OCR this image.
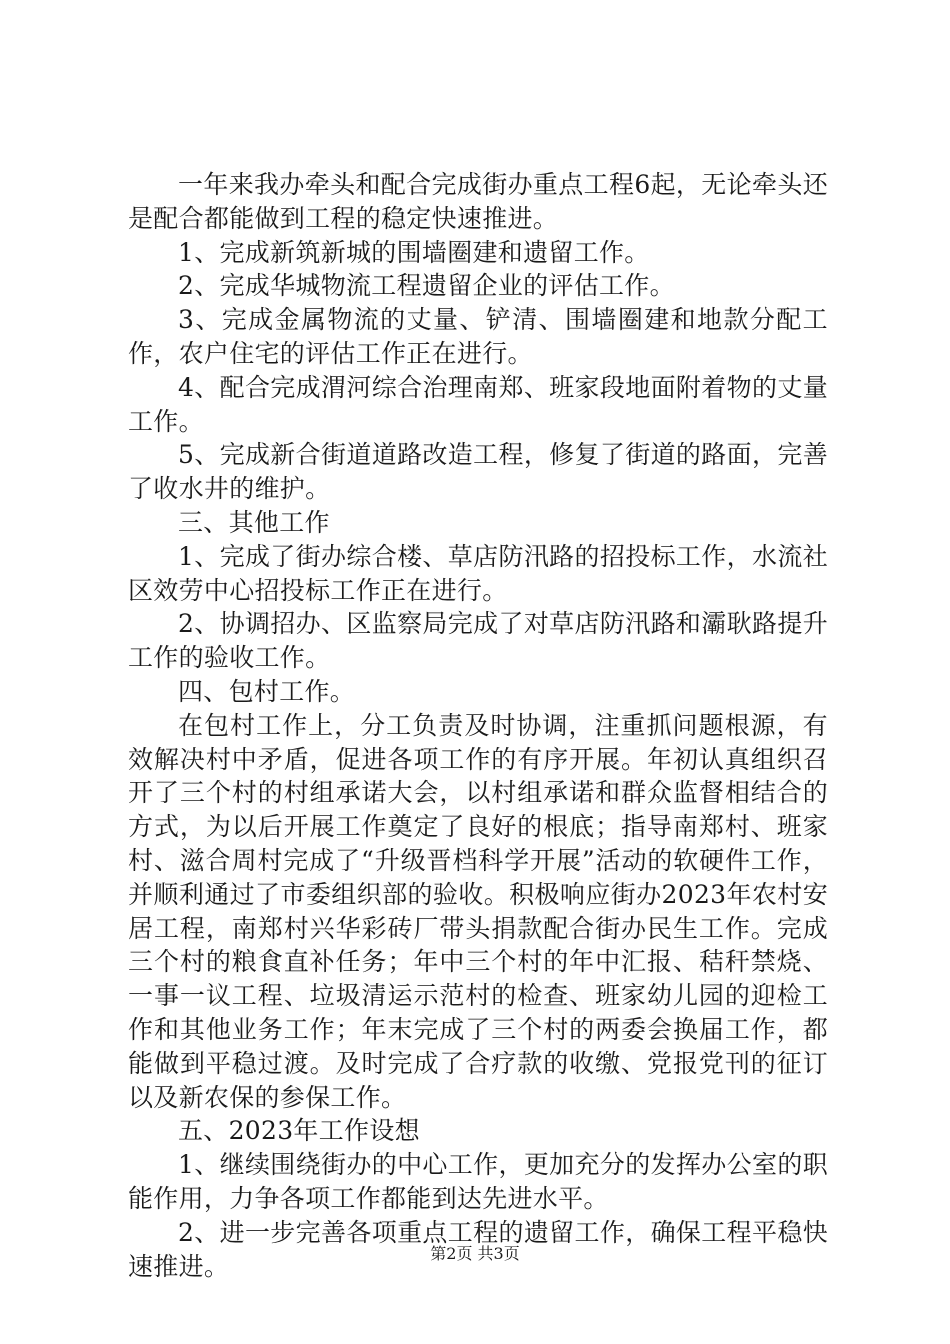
一年来我办牵头和配合完成街办重点工程6起，无论牵头还是配合都能做到工程的稳定快速推进。

1、完成新筑新城的围墙圈建和遗留工作。

2、完成华城物流工程遗留企业的评估工作。

3、完成金属物流的丈量、铲清、围墙圈建和地款分配工作，农户住宅的评估工作正在进行。

4、配合完成渭河综合治理南郑、班家段地面附着物的丈量工作。

5、完成新合街道道路改造工程，修复了街道的路面，完善了收水井的维护。

三、其他工作

1、完成了街办综合楼、草店防汛路的招投标工作，水流社区效劳中心招投标工作正在进行。

2、协调招办、区监察局完成了对草店防汛路和灞耿路提升工作的验收工作。

四、包村工作。

在包村工作上，分工负责及时协调，注重抓问题根源，有效解决村中矛盾，促进各项工作的有序开展。年初认真组织召开了三个村的村组承诺大会，以村组承诺和群众监督相结合的方式，为以后开展工作奠定了良好的根底；指导南郑村、班家村、滋合周村完成了“升级晋档科学开展”活动的软硬件工作，并顺利通过了市委组织部的验收。积极响应街办2023年农村安居工程，南郑村兴华彩砖厂带头捐款配合街办民生工作。完成三个村的粮食直补任务；年中三个村的年中汇报、秸秆禁烧、一事一议工程、垃圾清运示范村的检查、班家幼儿园的迎检工作和其他业务工作；年末完成了三个村的两委会换届工作，都能做到平稳过渡。及时完成了合疗款的收缴、党报党刊的征订以及新农保的参保工作。

五、2023年工作设想

1、继续围绕街办的中心工作，更加充分的发挥办公室的职能作用，力争各项工作都能到达先进水平。

2、进一步完善各项重点工程的遗留工作，确保工程平稳快速推进。	第2页 共3页
